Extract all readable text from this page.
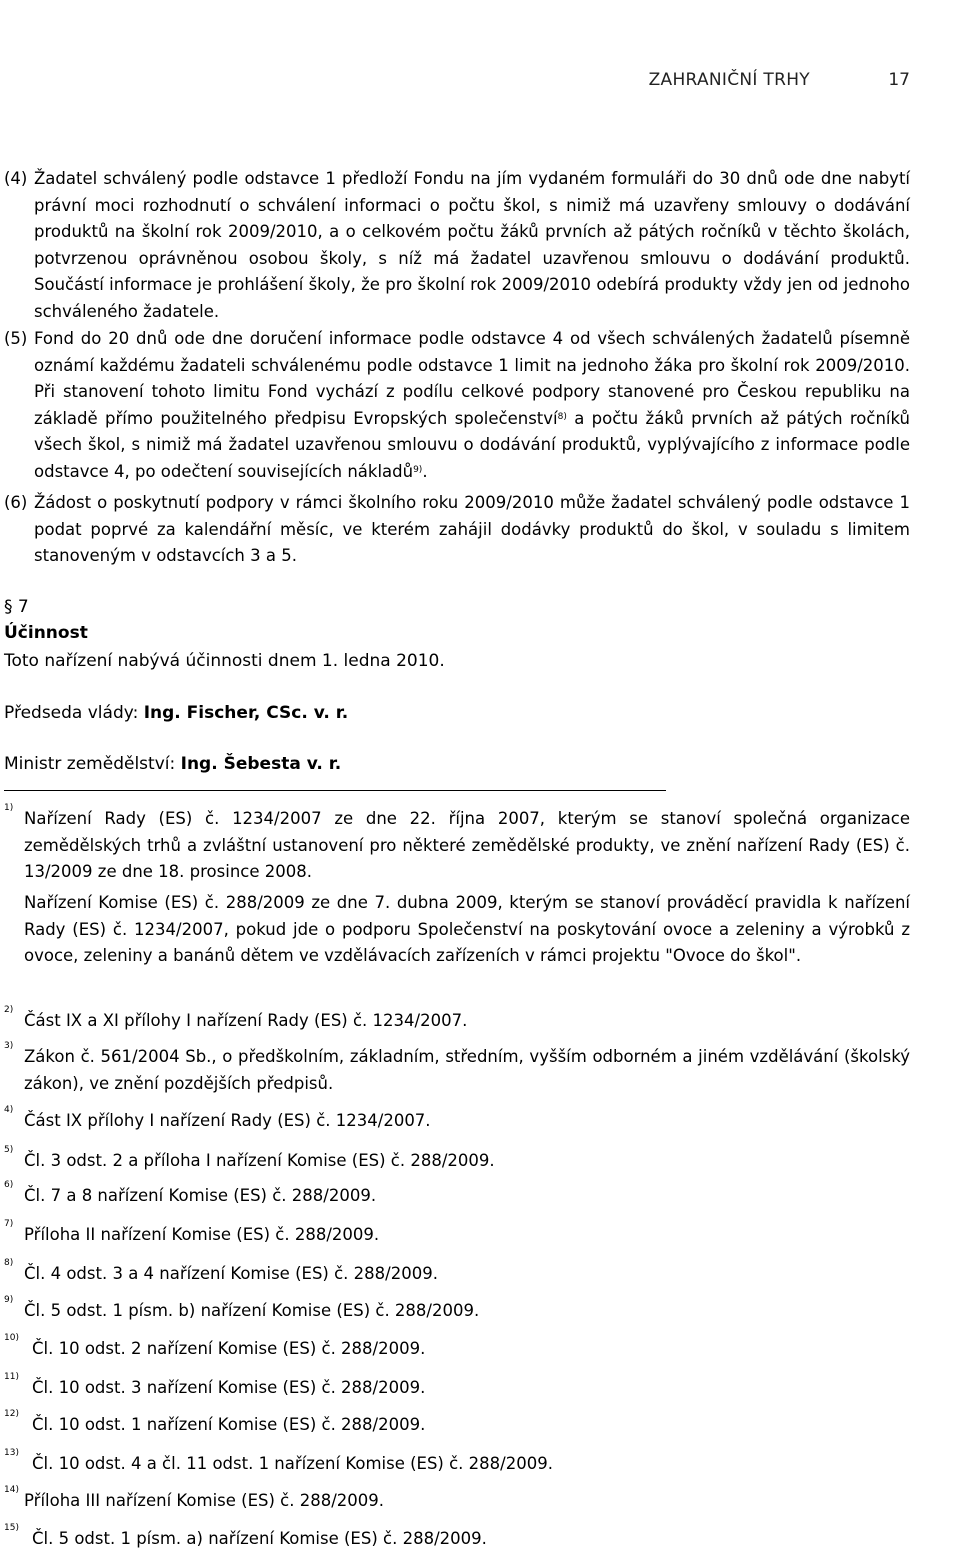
ZAHRANIČNÍ TRHY	17
(4) Žadatel schválený podle odstavce 1 předloží Fondu na jím vydaném formuláři do 30 dnů ode dne nabytí právní moci rozhodnutí o schválení informaci o počtu škol, s nimiž má uzavřeny smlouvy o dodávání produktů na školní rok 2009/2010, a o celkovém počtu žáků prvních až pátých ročníků v těchto školách, potvrzenou oprávněnou osobou školy, s níž má žadatel uzavřenou smlouvu o dodávání produktů. Součástí informace je prohlášení školy, že pro školní rok 2009/2010 odebírá produkty vždy jen od jednoho schváleného žadatele.
(5) Fond do 20 dnů ode dne doručení informace podle odstavce 4 od všech schválených žadatelů písemně oznámí každému žadateli schválenému podle odstavce 1 limit na jednoho žáka pro školní rok 2009/2010. Při stanovení tohoto limitu Fond vychází z podílu celkové podpory stanovené pro Českou republiku na základě přímo použitelného předpisu Evropských společenství$^{8)}$ a počtu žáků prvních až pátých ročníků všech škol, s nimiž má žadatel uzavřenou smlouvu o dodávání produktů, vyplývajícího z informace podle odstavce 4, po odečtení souvisejících nákladů$^{9)}$.
(6) Žádost o poskytnutí podpory v rámci školního roku 2009/2010 může žadatel schválený podle odstavce 1 podat poprvé za kalendářní měsíc, ve kterém zahájil dodávky produktů do škol, v souladu s limitem stanoveným v odstavcích 3 a 5.
§ 7
Účinnost
Toto nařízení nabývá účinnosti dnem 1. ledna 2010.
Předseda vlády: Ing. Fischer, CSc. v. r.
Ministr zemědělství: Ing. Šebesta v. r.
1)
Nařízení Rady (ES) č. 1234/2007 ze dne 22. října 2007, kterým se stanoví společná organizace zemědělských trhů a zvláštní ustanovení pro některé zemědělské produkty, ve znění nařízení Rady (ES) č. 13/2009 ze dne 18. prosince 2008.
Nařízení Komise (ES) č. 288/2009 ze dne 7. dubna 2009, kterým se stanoví prováděcí pravidla k nařízení Rady (ES) č. 1234/2007, pokud jde o podporu Společenství na poskytování ovoce a zeleniny a výrobků z ovoce, zeleniny a banánů dětem ve vzdělávacích zařízeních v rámci projektu "Ovoce do škol".
2)
Část IX a XI přílohy I nařízení Rady (ES) č. 1234/2007.
3)
Zákon č. 561/2004 Sb., o předškolním, základním, středním, vyšším odborném a jiném vzdělávání (školský zákon), ve znění pozdějších předpisů.
4)
Část IX přílohy I nařízení Rady (ES) č. 1234/2007.
5)
Čl. 3 odst. 2 a příloha I nařízení Komise (ES) č. 288/2009.
6)
Čl. 7 a 8 nařízení Komise (ES) č. 288/2009.
7)
Příloha II nařízení Komise (ES) č. 288/2009.
8)
Čl. 4 odst. 3 a 4 nařízení Komise (ES) č. 288/2009.
9)
Čl. 5 odst. 1 písm. b) nařízení Komise (ES) č. 288/2009.
10)
Čl. 10 odst. 2 nařízení Komise (ES) č. 288/2009.
11)
Čl. 10 odst. 3 nařízení Komise (ES) č. 288/2009.
12)
Čl. 10 odst. 1 nařízení Komise (ES) č. 288/2009.
13)
Čl. 10 odst. 4 a čl. 11 odst. 1 nařízení Komise (ES) č. 288/2009.
14)
Příloha III nařízení Komise (ES) č. 288/2009.
15)
Čl. 5 odst. 1 písm. a) nařízení Komise (ES) č. 288/2009.
